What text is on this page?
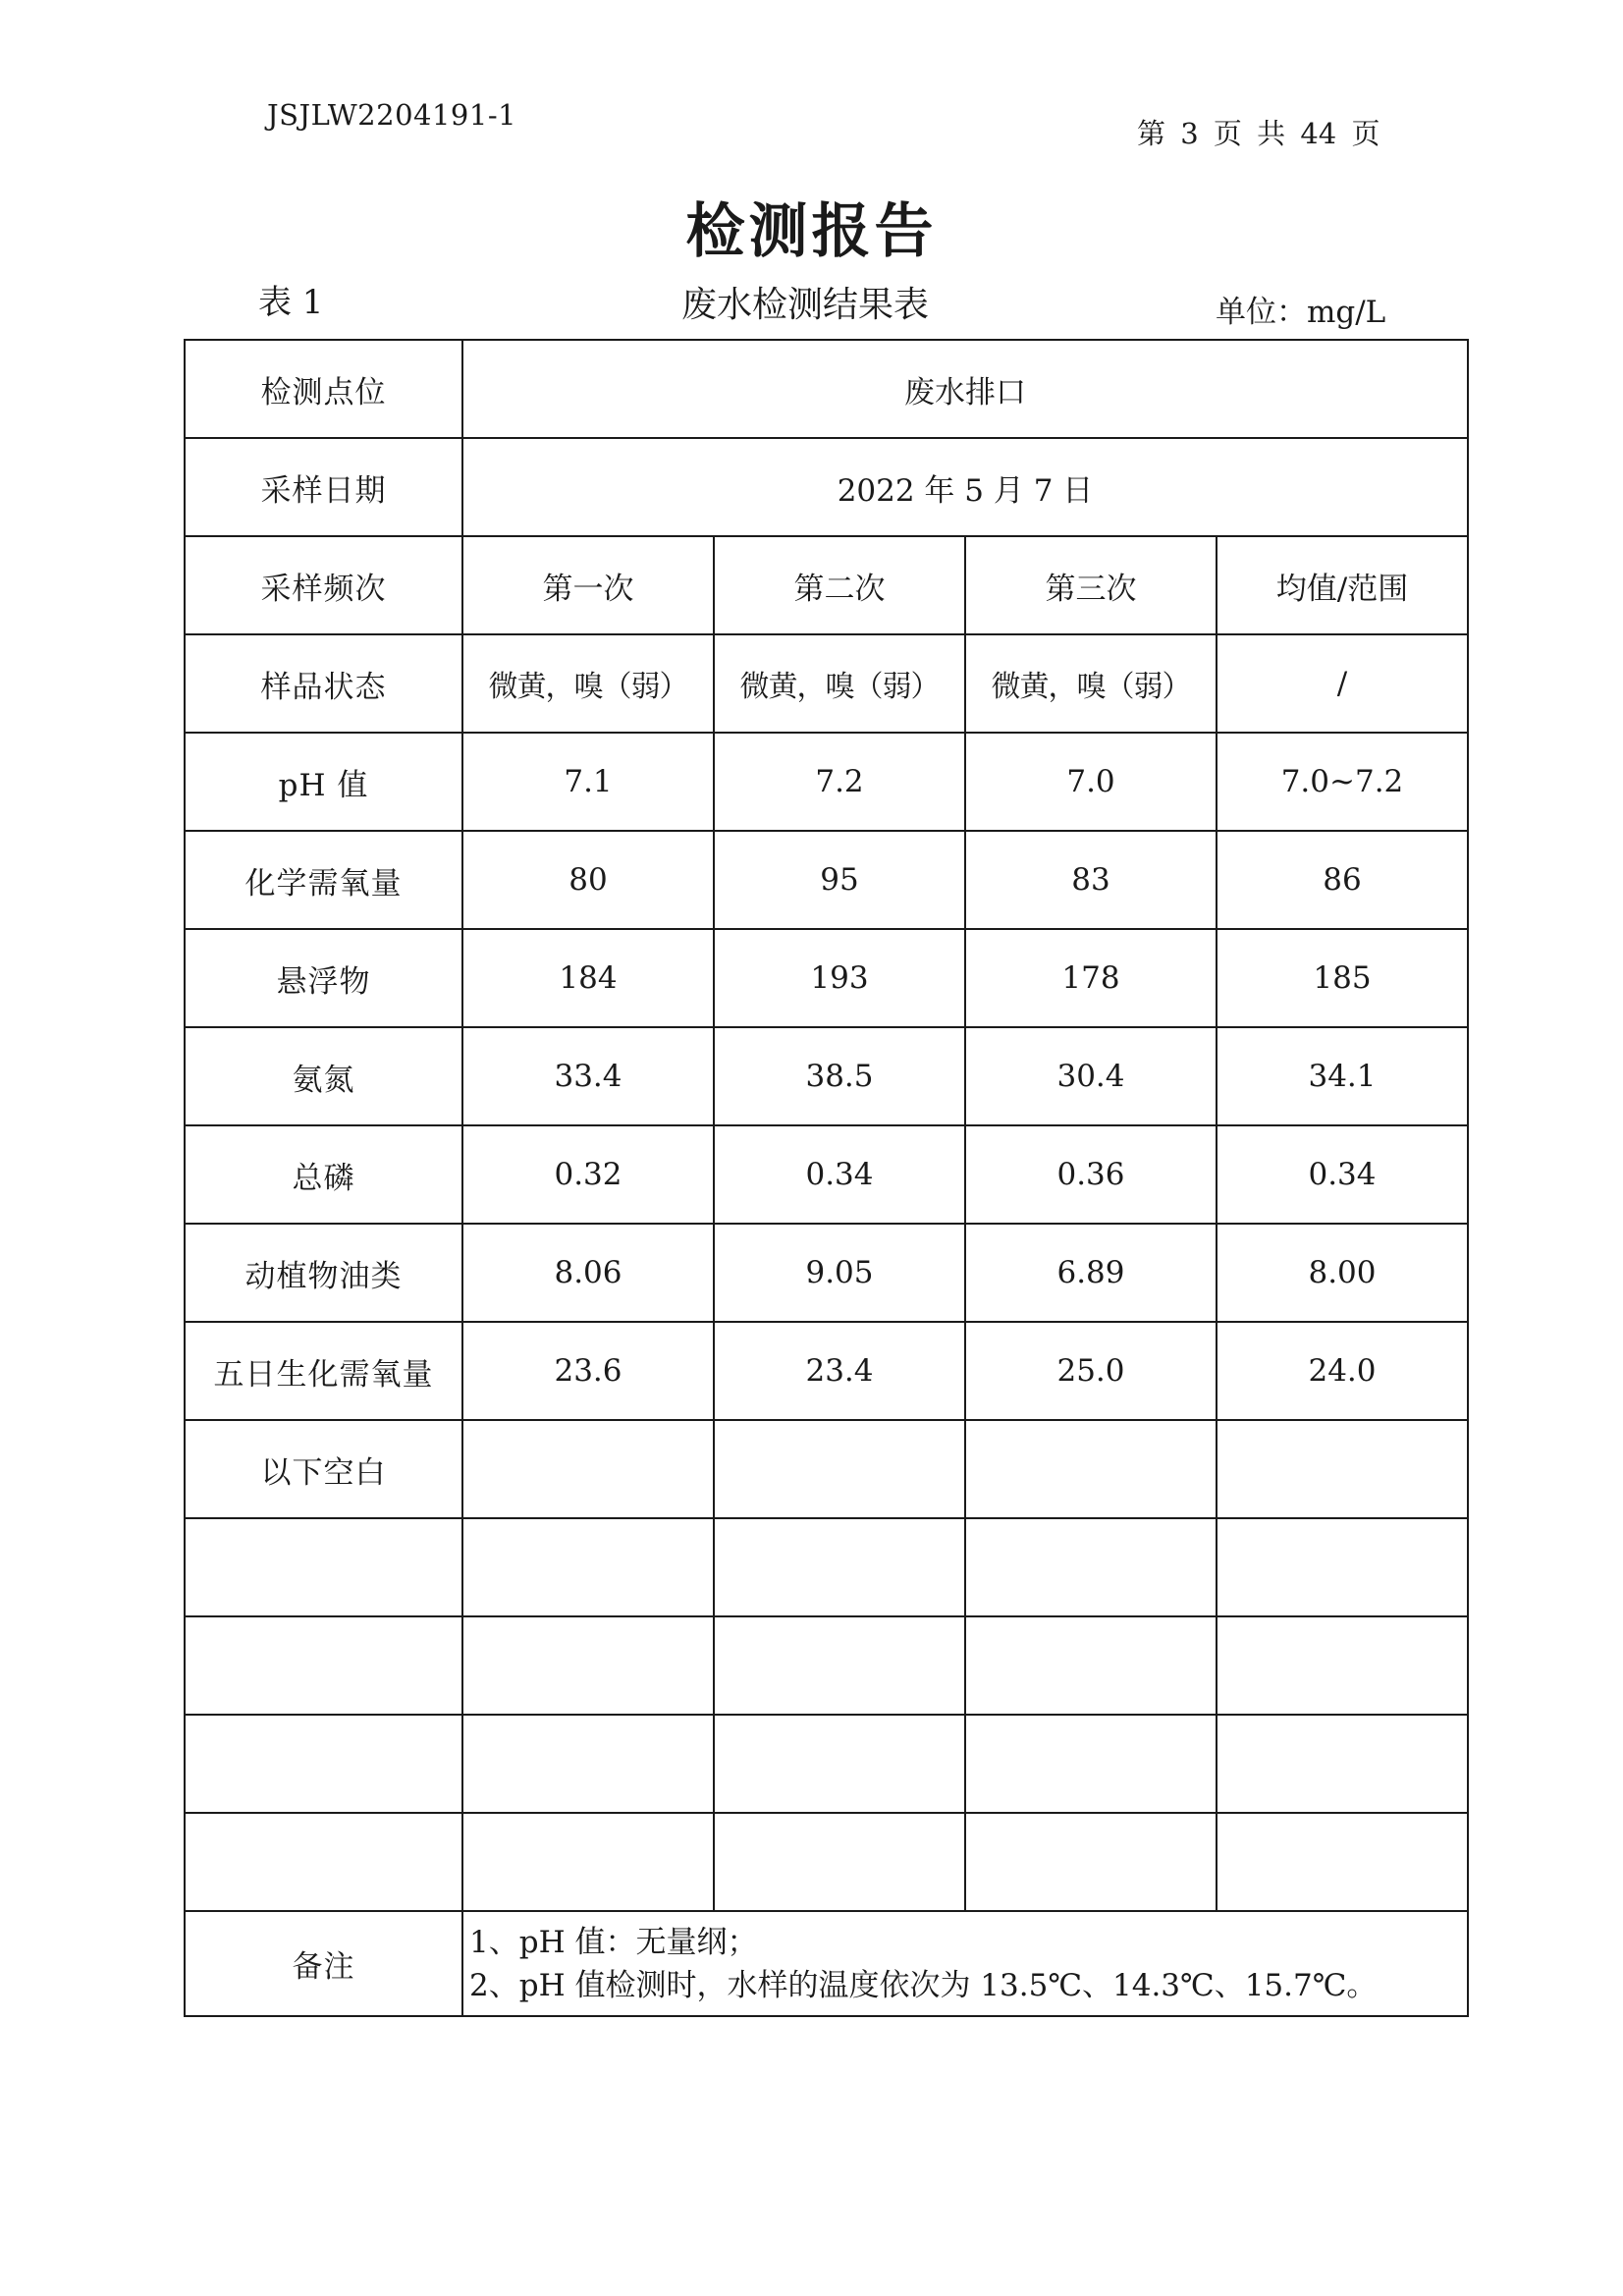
JSJLW2204191-1
第 3 页 共 44 页
检测报告
表 1	废水检测结果表	单位：mg/L
检测点位	废水排口			
采样日期	2022 年 5 月 7 日			
采样频次	第一次	第二次	第三次	均值/范围
样品状态	微黄，嗅（弱）	微黄，嗅（弱）	微黄，嗅（弱）	/
pH 值	7.1	7.2	7.0	7.0~7.2
化学需氧量	80	95	83	86
悬浮物	184	193	178	185
氨氮	33.4	38.5	30.4	34.1
总磷	0.32	0.34	0.36	0.34
动植物油类	8.06	9.05	6.89	8.00
五日生化需氧量	23.6	23.4	25.0	24.0
以下空白				

备注	1、pH 值：无量纲；
2、pH 值检测时，水样的温度依次为 13.5℃、14.3℃、15.7℃。			
